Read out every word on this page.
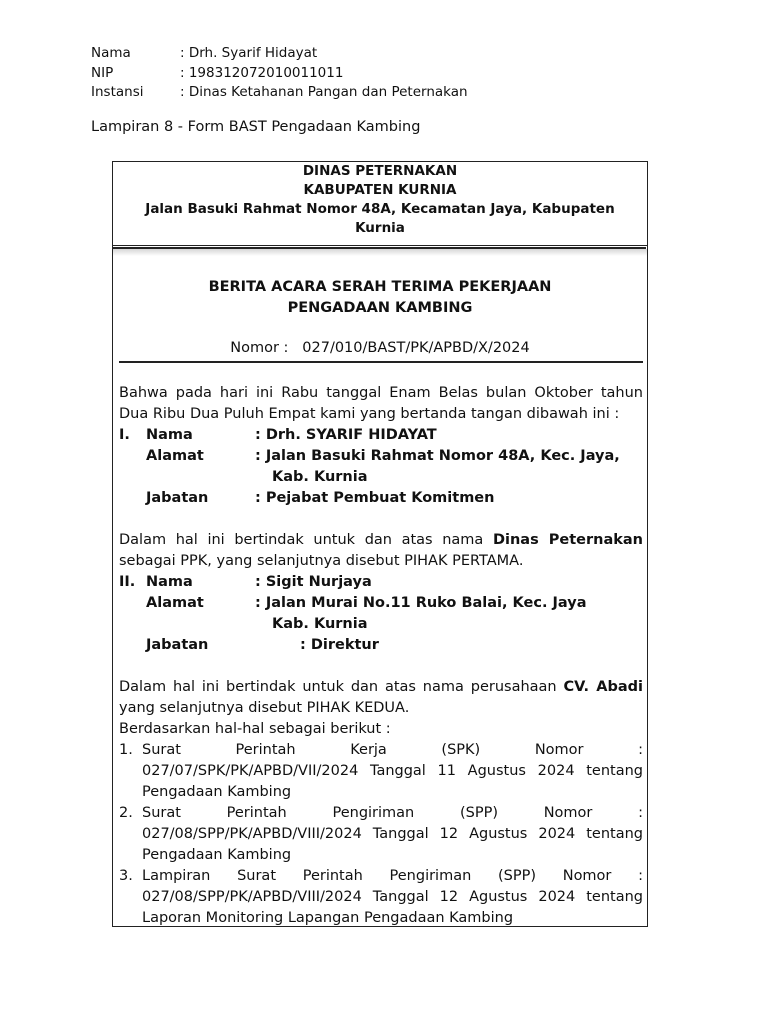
Nama	: Drh. Syarif Hidayat
NIP	: 198312072010011011
Instansi	: Dinas Ketahanan Pangan dan Peternakan
Lampiran 8 - Form BAST Pengadaan Kambing
DINAS PETERNAKAN
KABUPATEN KURNIA
Jalan Basuki Rahmat Nomor 48A, Kecamatan Jaya, Kabupaten Kurnia
BERITA ACARA SERAH TERIMA PEKERJAAN
PENGADAAN KAMBING
Nomor : 027/010/BAST/PK/APBD/X/2024
Bahwa pada hari ini Rabu tanggal Enam Belas bulan Oktober tahun Dua Ribu Dua Puluh Empat kami yang bertanda tangan dibawah ini :
I. Nama	: Drh. SYARIF HIDAYAT
Alamat	: Jalan Basuki Rahmat Nomor 48A, Kec. Jaya,
Kab. Kurnia
Jabatan	: Pejabat Pembuat Komitmen
Dalam hal ini bertindak untuk dan atas nama Dinas Peternakan sebagai PPK, yang selanjutnya disebut PIHAK PERTAMA.
II. Nama	: Sigit Nurjaya
Alamat	: Jalan Murai No.11 Ruko Balai, Kec. Jaya
Kab. Kurnia
Jabatan	: Direktur
Dalam hal ini bertindak untuk dan atas nama perusahaan CV. Abadi yang selanjutnya disebut PIHAK KEDUA.
Berdasarkan hal-hal sebagai berikut :
1. Surat Perintah Kerja (SPK) Nomor :
027/07/SPK/PK/APBD/VII/2024 Tanggal 11 Agustus 2024 tentang Pengadaan Kambing
2. Surat Perintah Pengiriman (SPP) Nomor :
027/08/SPP/PK/APBD/VIII/2024 Tanggal 12 Agustus 2024 tentang Pengadaan Kambing
3. Lampiran Surat Perintah Pengiriman (SPP) Nomor :
027/08/SPP/PK/APBD/VIII/2024 Tanggal 12 Agustus 2024 tentang Laporan Monitoring Lapangan Pengadaan Kambing
